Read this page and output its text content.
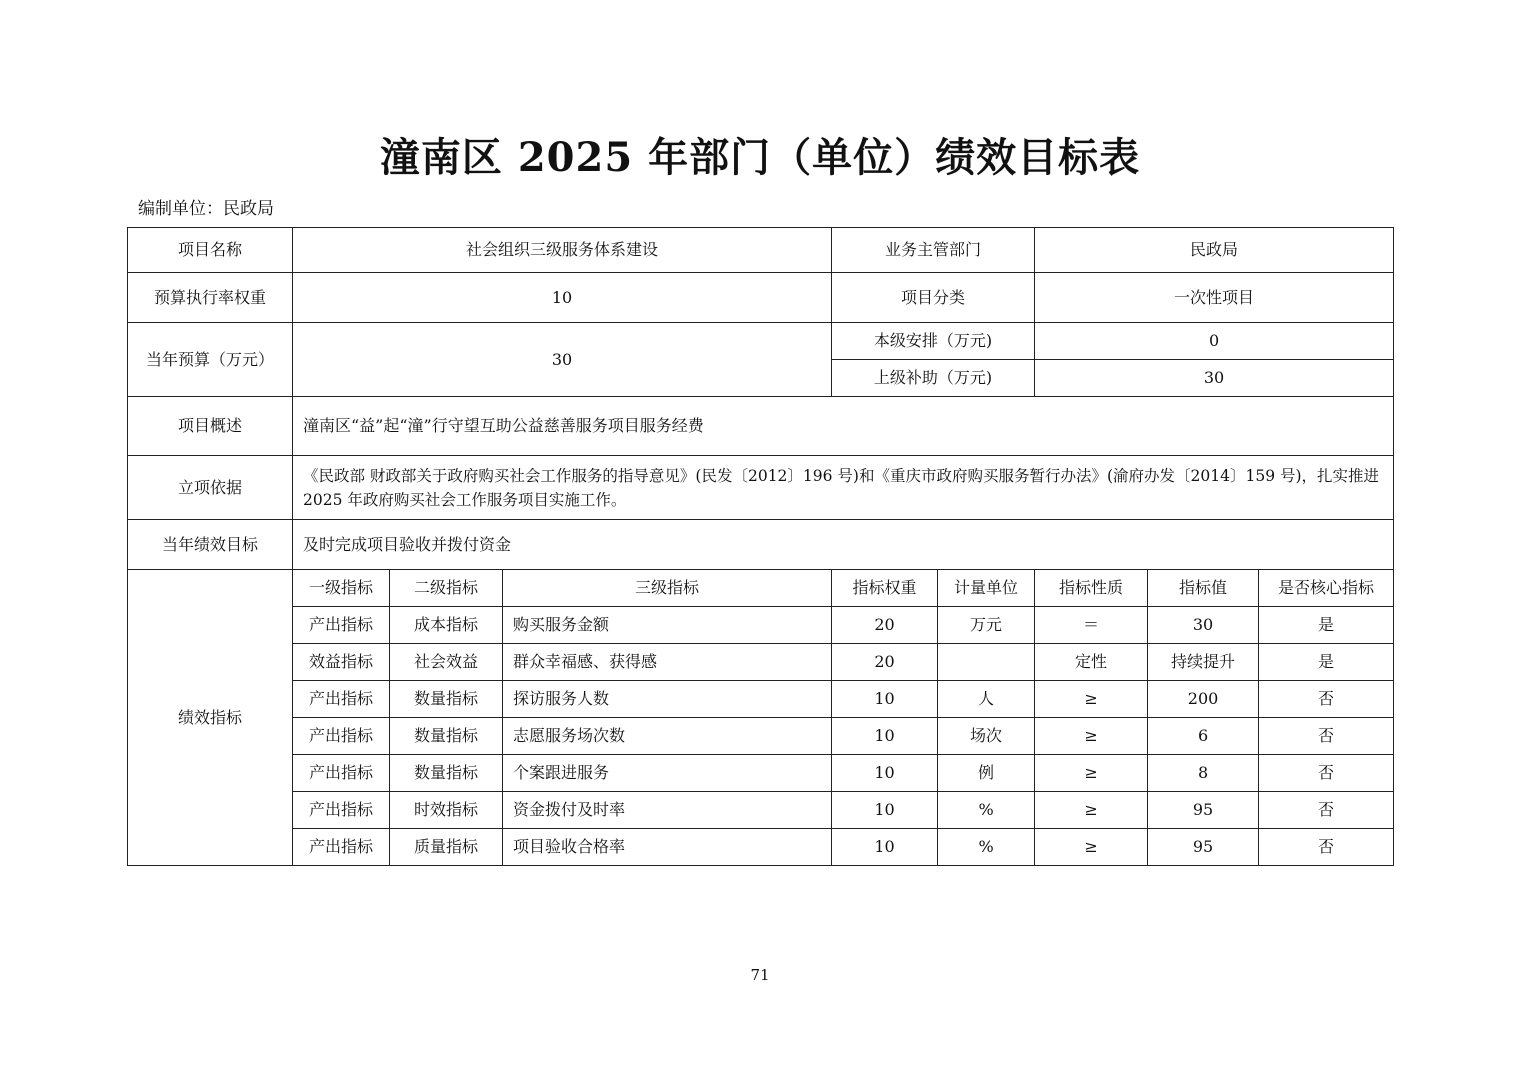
潼南区 2025 年部门（单位）绩效目标表
编制单位：民政局
项目名称	社会组织三级服务体系建设			业务主管部门		民政局		
预算执行率权重	10			项目分类		一次性项目		
当年预算（万元）	30			本级安排（万元)		0		
				上级补助（万元)		30		
项目概述	潼南区“益”起“潼”行守望互助公益慈善服务项目服务经费							
立项依据	《民政部 财政部关于政府购买社会工作服务的指导意见》(民发〔2012〕196 号)和《重庆市政府购买服务暂行办法》(渝府办发〔2014〕159 号)，扎实推进 2025 年政府购买社会工作服务项目实施工作。							
当年绩效目标	及时完成项目验收并拨付资金							
绩效指标	一级指标	二级指标	三级指标	指标权重	计量单位	指标性质	指标值	是否核心指标
	产出指标	成本指标	购买服务金额	20	万元	＝	30	是
	效益指标	社会效益	群众幸福感、获得感	20		定性	持续提升	是
	产出指标	数量指标	探访服务人数	10	人	≥	200	否
	产出指标	数量指标	志愿服务场次数	10	场次	≥	6	否
	产出指标	数量指标	个案跟进服务	10	例	≥	8	否
	产出指标	时效指标	资金拨付及时率	10	%	≥	95	否
	产出指标	质量指标	项目验收合格率	10	%	≥	95	否
71
